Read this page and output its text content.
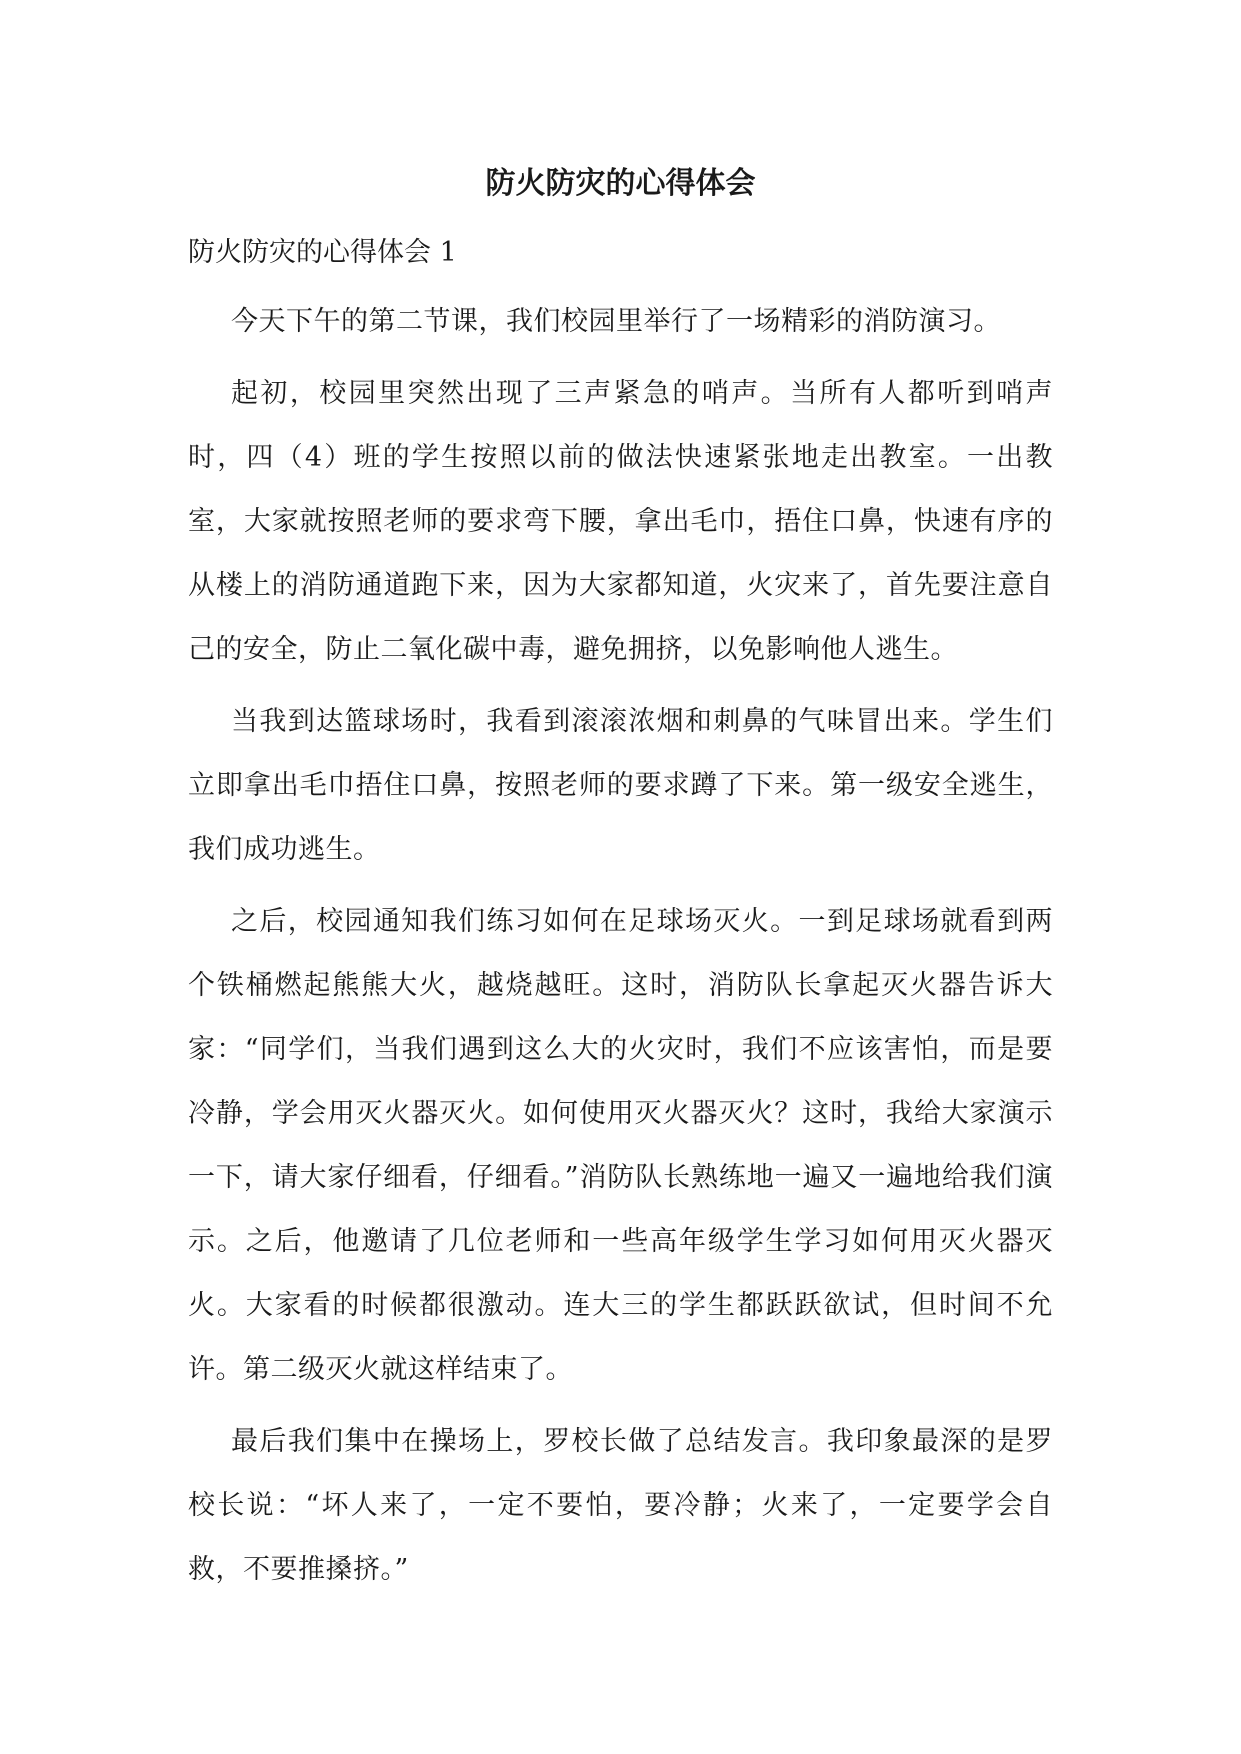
防火防灾的心得体会

防火防灾的心得体会 1

今天下午的第二节课，我们校园里举行了一场精彩的消防演习。

起初，校园里突然出现了三声紧急的哨声。当所有人都听到哨声时，四（4）班的学生按照以前的做法快速紧张地走出教室。一出教室，大家就按照老师的要求弯下腰，拿出毛巾，捂住口鼻，快速有序的从楼上的消防通道跑下来，因为大家都知道，火灾来了，首先要注意自己的安全，防止二氧化碳中毒，避免拥挤，以免影响他人逃生。

当我到达篮球场时，我看到滚滚浓烟和刺鼻的气味冒出来。学生们立即拿出毛巾捂住口鼻，按照老师的要求蹲了下来。第一级安全逃生，我们成功逃生。

之后，校园通知我们练习如何在足球场灭火。一到足球场就看到两个铁桶燃起熊熊大火，越烧越旺。这时，消防队长拿起灭火器告诉大家：“同学们，当我们遇到这么大的火灾时，我们不应该害怕，而是要冷静，学会用灭火器灭火。如何使用灭火器灭火？这时，我给大家演示一下，请大家仔细看，仔细看。”消防队长熟练地一遍又一遍地给我们演示。之后，他邀请了几位老师和一些高年级学生学习如何用灭火器灭火。大家看的时候都很激动。连大三的学生都跃跃欲试，但时间不允许。第二级灭火就这样结束了。

最后我们集中在操场上，罗校长做了总结发言。我印象最深的是罗校长说：“坏人来了，一定不要怕，要冷静；火来了，一定要学会自救，不要推搡挤。”
